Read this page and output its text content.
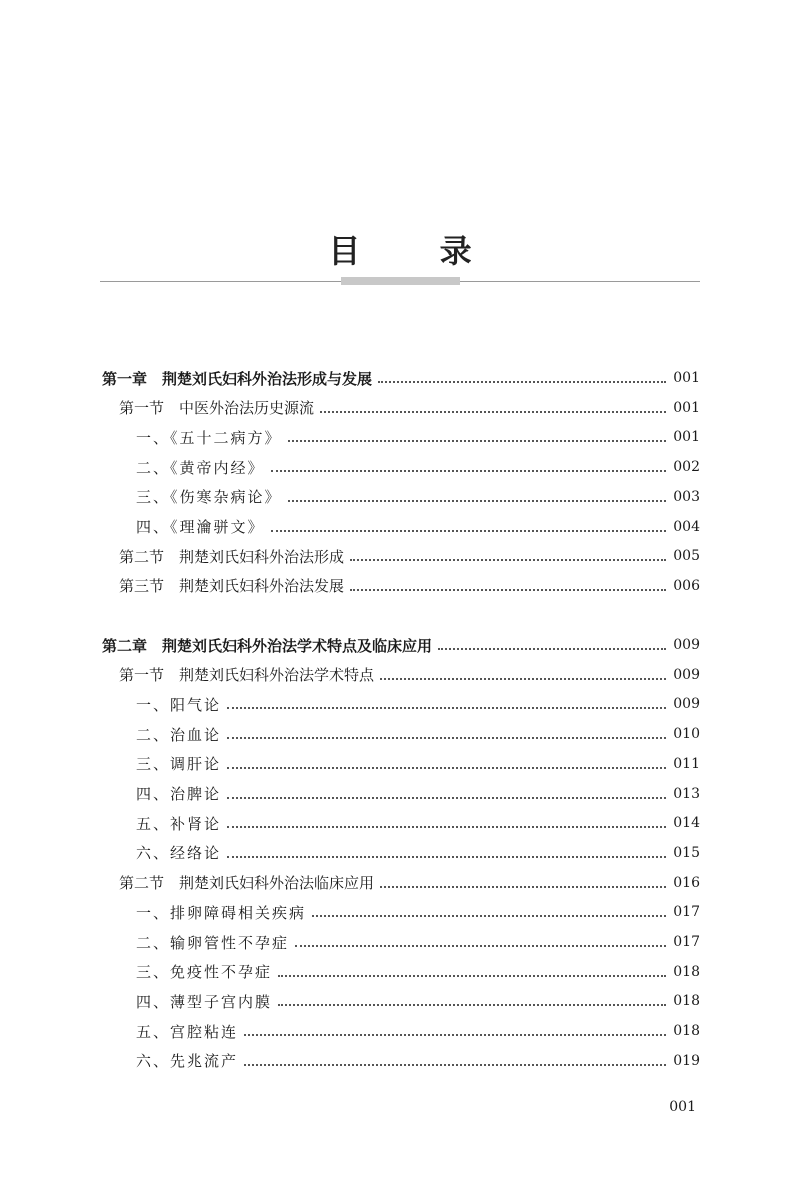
目 录
第一章　荆楚刘氏妇科外治法形成与发展	001
第一节　中医外治法历史源流	001
一、《五十二病方》	001
二、《黄帝内经》	002
三、《伤寒杂病论》	003
四、《理瀹骈文》	004
第二节　荆楚刘氏妇科外治法形成	005
第三节　荆楚刘氏妇科外治法发展	006
第二章　荆楚刘氏妇科外治法学术特点及临床应用	009
第一节　荆楚刘氏妇科外治法学术特点	009
一、阳气论	009
二、治血论	010
三、调肝论	011
四、治脾论	013
五、补肾论	014
六、经络论	015
第二节　荆楚刘氏妇科外治法临床应用	016
一、排卵障碍相关疾病	017
二、输卵管性不孕症	017
三、免疫性不孕症	018
四、薄型子宫内膜	018
五、宫腔粘连	018
六、先兆流产	019
001
